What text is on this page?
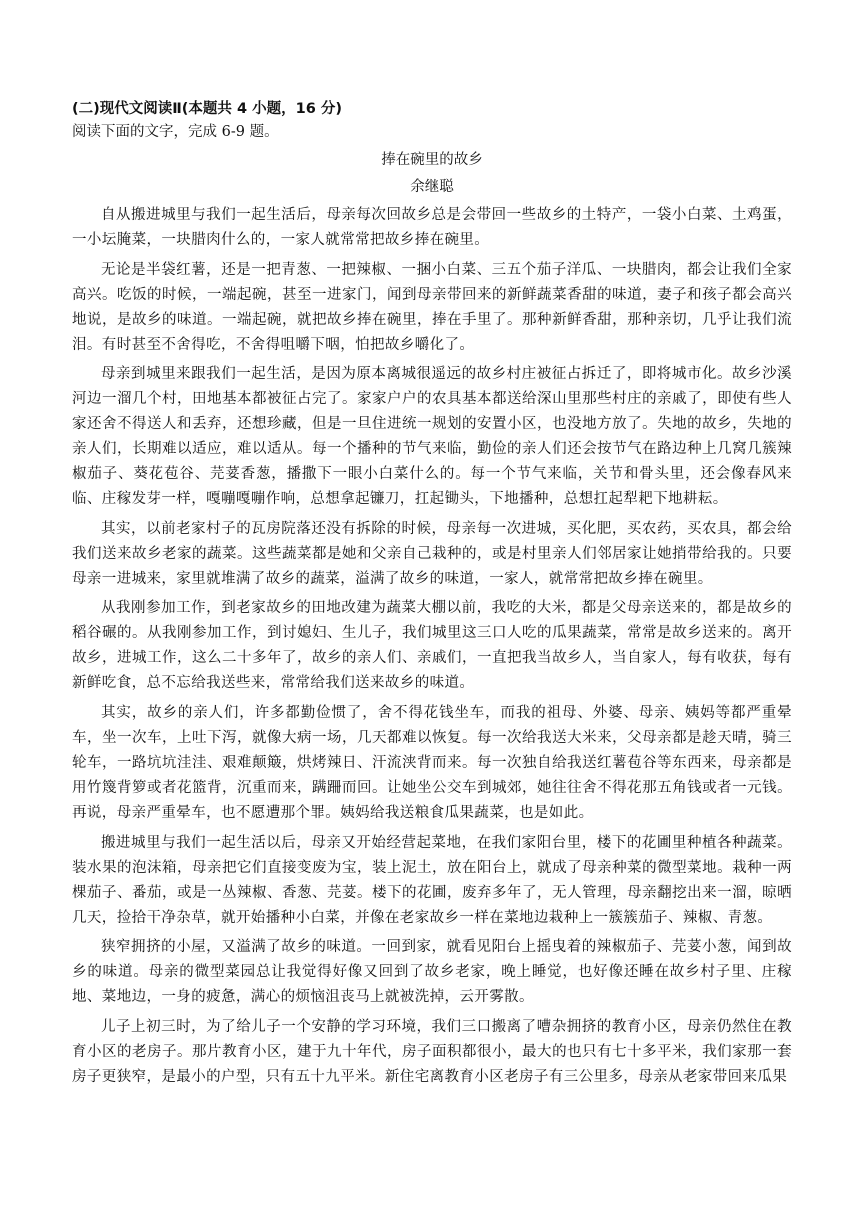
(二)现代文阅读Ⅱ(本题共 4 小题，16 分)

阅读下面的文字，完成 6-9 题。

捧在碗里的故乡

余继聪

自从搬进城里与我们一起生活后，母亲每次回故乡总是会带回一些故乡的土特产，一袋小白菜、土鸡蛋，一小坛腌菜，一块腊肉什么的，一家人就常常把故乡捧在碗里。

无论是半袋红薯，还是一把青葱、一把辣椒、一捆小白菜、三五个茄子洋瓜、一块腊肉，都会让我们全家高兴。吃饭的时候，一端起碗，甚至一进家门，闻到母亲带回来的新鲜蔬菜香甜的味道，妻子和孩子都会高兴地说，是故乡的味道。一端起碗，就把故乡捧在碗里，捧在手里了。那种新鲜香甜，那种亲切，几乎让我们流泪。有时甚至不舍得吃，不舍得咀嚼下咽，怕把故乡嚼化了。

母亲到城里来跟我们一起生活，是因为原本离城很遥远的故乡村庄被征占拆迁了，即将城市化。故乡沙溪河边一溜几个村，田地基本都被征占完了。家家户户的农具基本都送给深山里那些村庄的亲戚了，即使有些人家还舍不得送人和丢弃，还想珍藏，但是一旦住进统一规划的安置小区，也没地方放了。失地的故乡，失地的亲人们，长期难以适应，难以适从。每一个播种的节气来临，勤俭的亲人们还会按节气在路边种上几窝几簇辣椒茄子、葵花苞谷、芫荽香葱，播撒下一眼小白菜什么的。每一个节气来临，关节和骨头里，还会像春风来临、庄稼发芽一样，嘎嘣嘎嘣作响，总想拿起镰刀，扛起锄头，下地播种，总想扛起犁耙下地耕耘。

其实，以前老家村子的瓦房院落还没有拆除的时候，母亲每一次进城，买化肥，买农药，买农具，都会给我们送来故乡老家的蔬菜。这些蔬菜都是她和父亲自己栽种的，或是村里亲人们邻居家让她捎带给我的。只要母亲一进城来，家里就堆满了故乡的蔬菜，溢满了故乡的味道，一家人，就常常把故乡捧在碗里。

从我刚参加工作，到老家故乡的田地改建为蔬菜大棚以前，我吃的大米，都是父母亲送来的，都是故乡的稻谷碾的。从我刚参加工作，到讨媳妇、生儿子，我们城里这三口人吃的瓜果蔬菜，常常是故乡送来的。离开故乡，进城工作，这么二十多年了，故乡的亲人们、亲戚们，一直把我当故乡人，当自家人，每有收获，每有新鲜吃食，总不忘给我送些来，常常给我们送来故乡的味道。

其实，故乡的亲人们，许多都勤俭惯了，舍不得花钱坐车，而我的祖母、外婆、母亲、姨妈等都严重晕车，坐一次车，上吐下泻，就像大病一场，几天都难以恢复。每一次给我送大米来，父母亲都是趁天晴，骑三轮车，一路坑坑洼洼、艰难颠簸，烘烤辣日、汗流浃背而来。每一次独自给我送红薯苞谷等东西来，母亲都是用竹篾背箩或者花篮背，沉重而来，蹒跚而回。让她坐公交车到城郊，她往往舍不得花那五角钱或者一元钱。再说，母亲严重晕车，也不愿遭那个罪。姨妈给我送粮食瓜果蔬菜，也是如此。

搬进城里与我们一起生活以后，母亲又开始经营起菜地，在我们家阳台里，楼下的花圃里种植各种蔬菜。装水果的泡沫箱，母亲把它们直接变废为宝，装上泥土，放在阳台上，就成了母亲种菜的微型菜地。栽种一两棵茄子、番茄，或是一丛辣椒、香葱、芫荽。楼下的花圃，废弃多年了，无人管理，母亲翻挖出来一溜，晾晒几天，捡拾干净杂草，就开始播种小白菜，并像在老家故乡一样在菜地边栽种上一簇簇茄子、辣椒、青葱。

狭窄拥挤的小屋，又溢满了故乡的味道。一回到家，就看见阳台上摇曳着的辣椒茄子、芫荽小葱，闻到故乡的味道。母亲的微型菜园总让我觉得好像又回到了故乡老家，晚上睡觉，也好像还睡在故乡村子里、庄稼地、菜地边，一身的疲惫，满心的烦恼沮丧马上就被洗掉，云开雾散。

儿子上初三时，为了给儿子一个安静的学习环境，我们三口搬离了嘈杂拥挤的教育小区，母亲仍然住在教育小区的老房子。那片教育小区，建于九十年代，房子面积都很小，最大的也只有七十多平米，我们家那一套房子更狭窄，是最小的户型，只有五十九平米。新住宅离教育小区老房子有三公里多，母亲从老家带回来瓜果
